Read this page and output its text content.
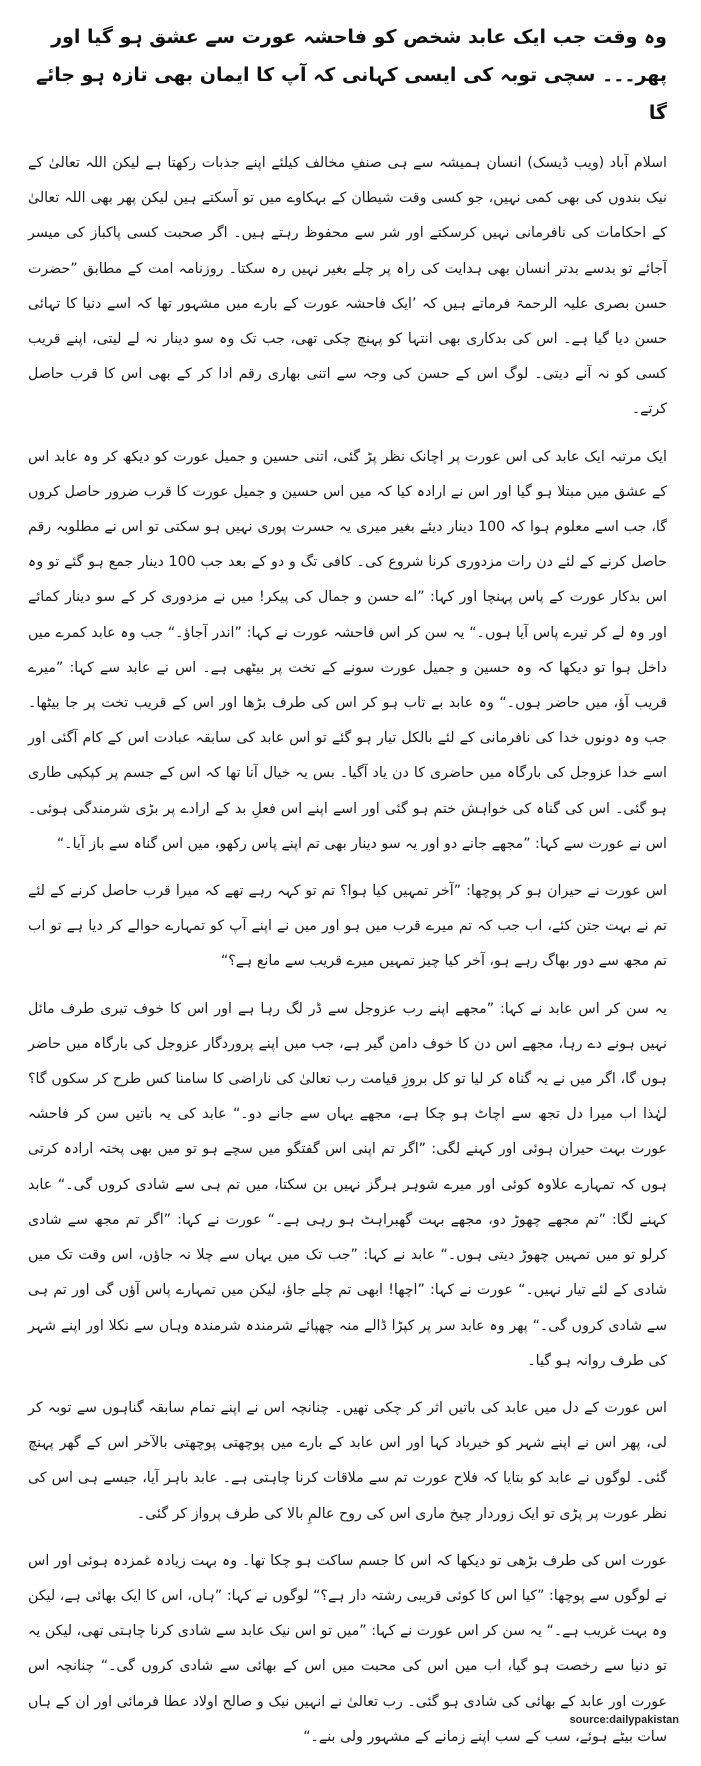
وہ وقت جب ایک عابد شخص کو فاحشہ عورت سے عشق ہو گیا اور پھر۔۔۔ سچی توبہ کی ایسی کہانی کہ آپ کا ایمان بھی تازہ ہو جائے گا

اسلام آباد (ویب ڈیسک) انسان ہمیشہ سے ہی صنفِ مخالف کیلئے اپنے جذبات رکھتا ہے لیکن اللہ تعالیٰ کے نیک بندوں کی بھی کمی نہیں، جو کسی وقت شیطان کے بہکاوے میں تو آسکتے ہیں لیکن پھر بھی اللہ تعالیٰ کے احکامات کی نافرمانی نہیں کرسکتے اور شر سے محفوظ رہتے ہیں۔ اگر صحبت کسی پاکباز کی میسر آجائے تو بدسے بدتر انسان بھی ہدایت کی راہ پر چلے بغیر نہیں رہ سکتا۔ روزنامہ امت کے مطابق ”حضرت حسن بصری علیہ الرحمۃ فرماتے ہیں کہ ’ایک فاحشہ عورت کے بارے میں مشہور تھا کہ اسے دنیا کا تہائی حسن دیا گیا ہے۔ اس کی بدکاری بھی انتہا کو پہنچ چکی تھی، جب تک وہ سو دینار نہ لے لیتی، اپنے قریب کسی کو نہ آنے دیتی۔ لوگ اس کے حسن کی وجہ سے اتنی بھاری رقم ادا کر کے بھی اس کا قرب حاصل کرتے۔

ایک مرتبہ ایک عابد کی اس عورت پر اچانک نظر پڑ گئی، اتنی حسین و جمیل عورت کو دیکھ کر وہ عابد اس کے عشق میں مبتلا ہو گیا اور اس نے ارادہ کیا کہ میں اس حسین و جمیل عورت کا قرب ضرور حاصل کروں گا، جب اسے معلوم ہوا کہ 100 دینار دیئے بغیر میری یہ حسرت پوری نہیں ہو سکتی تو اس نے مطلوبہ رقم حاصل کرنے کے لئے دن رات مزدوری کرنا شروع کی۔ کافی تگ و دو کے بعد جب 100 دینار جمع ہو گئے تو وہ اس بدکار عورت کے پاس پہنچا اور کہا: ”اے حسن و جمال کی پیکر! میں نے مزدوری کر کے سو دینار کمائے اور وہ لے کر تیرے پاس آیا ہوں۔“ یہ سن کر اس فاحشہ عورت نے کہا: ”اندر آجاؤ۔“ جب وہ عابد کمرے میں داخل ہوا تو دیکھا کہ وہ حسین و جمیل عورت سونے کے تخت پر بیٹھی ہے۔ اس نے عابد سے کہا: ”میرے قریب آؤ، میں حاضر ہوں۔“ وہ عابد بے تاب ہو کر اس کی طرف بڑھا اور اس کے قریب تخت پر جا بیٹھا۔ جب وہ دونوں خدا کی نافرمانی کے لئے بالکل تیار ہو گئے تو اس عابد کی سابقہ عبادت اس کے کام آگئی اور اسے خدا عزوجل کی بارگاہ میں حاضری کا دن یاد آگیا۔ بس یہ خیال آنا تھا کہ اس کے جسم پر کپکپی طاری ہو گئی۔ اس کی گناہ کی خواہش ختم ہو گئی اور اسے اپنے اس فعلِ بد کے ارادے پر بڑی شرمندگی ہوئی۔ اس نے عورت سے کہا: ”مجھے جانے دو اور یہ سو دینار بھی تم اپنے پاس رکھو، میں اس گناہ سے باز آیا۔“

اس عورت نے حیران ہو کر پوچھا: ”آخر تمہیں کیا ہوا؟ تم تو کہہ رہے تھے کہ میرا قرب حاصل کرنے کے لئے تم نے بہت جتن کئے، اب جب کہ تم میرے قرب میں ہو اور میں نے اپنے آپ کو تمہارے حوالے کر دیا ہے تو اب تم مجھ سے دور بھاگ رہے ہو، آخر کیا چیز تمہیں میرے قریب سے مانع ہے؟“

یہ سن کر اس عابد نے کہا: ”مجھے اپنے رب عزوجل سے ڈر لگ رہا ہے اور اس کا خوف تیری طرف مائل نہیں ہونے دے رہا، مجھے اس دن کا خوف دامن گیر ہے، جب میں اپنے پروردگار عزوجل کی بارگاہ میں حاضر ہوں گا، اگر میں نے یہ گناہ کر لیا تو کل بروزِ قیامت رب تعالیٰ کی ناراضی کا سامنا کس طرح کر سکوں گا؟ لہٰذا اب میرا دل تجھ سے اچاٹ ہو چکا ہے، مجھے یہاں سے جانے دو۔“ عابد کی یہ باتیں سن کر فاحشہ عورت بہت حیران ہوئی اور کہنے لگی: ”اگر تم اپنی اس گفتگو میں سچے ہو تو میں بھی پختہ ارادہ کرتی ہوں کہ تمہارے علاوہ کوئی اور میرے شوہر ہرگز نہیں بن سکتا، میں تم ہی سے شادی کروں گی۔“ عابد کہنے لگا: ”تم مجھے چھوڑ دو، مجھے بہت گھبراہٹ ہو رہی ہے۔“ عورت نے کہا: ”اگر تم مجھ سے شادی کرلو تو میں تمہیں چھوڑ دیتی ہوں۔“ عابد نے کہا: ”جب تک میں یہاں سے چلا نہ جاؤں، اس وقت تک میں شادی کے لئے تیار نہیں۔“ عورت نے کہا: ”اچھا! ابھی تم چلے جاؤ، لیکن میں تمہارے پاس آؤں گی اور تم ہی سے شادی کروں گی۔“ پھر وہ عابد سر پر کپڑا ڈالے منہ چھپائے شرمندہ شرمندہ وہاں سے نکلا اور اپنے شہر کی طرف روانہ ہو گیا۔

اس عورت کے دل میں عابد کی باتیں اثر کر چکی تھیں۔ چنانچہ اس نے اپنے تمام سابقہ گناہوں سے توبہ کر لی، پھر اس نے اپنے شہر کو خیرباد کہا اور اس عابد کے بارے میں پوچھتی پوچھتی بالآخر اس کے گھر پہنچ گئی۔ لوگوں نے عابد کو بتایا کہ فلاح عورت تم سے ملاقات کرنا چاہتی ہے۔ عابد باہر آیا، جیسے ہی اس کی نظر عورت پر پڑی تو ایک زوردار چیخ ماری اس کی روح عالمِ بالا کی طرف پرواز کر گئی۔

عورت اس کی طرف بڑھی تو دیکھا کہ اس کا جسم ساکت ہو چکا تھا۔ وہ بہت زیادہ غمزدہ ہوئی اور اس نے لوگوں سے پوچھا: ”کیا اس کا کوئی قریبی رشتہ دار ہے؟“ لوگوں نے کہا: ”ہاں، اس کا ایک بھائی ہے، لیکن وہ بہت غریب ہے۔“ یہ سن کر اس عورت نے کہا: ”میں تو اس نیک عابد سے شادی کرنا چاہتی تھی، لیکن یہ تو دنیا سے رخصت ہو گیا، اب میں اس کی محبت میں اس کے بھائی سے شادی کروں گی۔“ چنانچہ اس عورت اور عابد کے بھائی کی شادی ہو گئی۔ رب تعالیٰ نے انہیں نیک و صالح اولاد عطا فرمائی اور ان کے ہاں سات بیٹے ہوئے، سب کے سب اپنے زمانے کے مشہور ولی بنے۔“

source:dailypakistan
